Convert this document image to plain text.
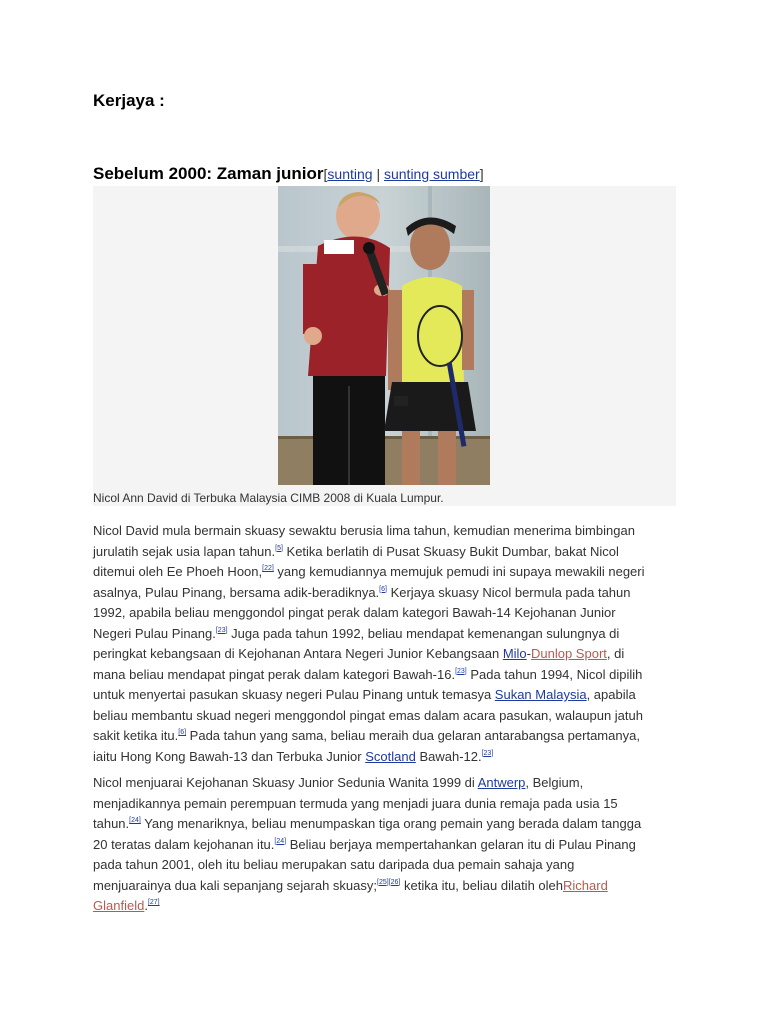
Kerjaya :
Sebelum 2000: Zaman junior[sunting | sunting sumber]
Nicol Ann David di Terbuka Malaysia CIMB 2008 di Kuala Lumpur.
Nicol David mula bermain skuasy sewaktu berusia lima tahun, kemudian menerima bimbingan
jurulatih sejak usia lapan tahun.[5] Ketika berlatih di Pusat Skuasy Bukit Dumbar, bakat Nicol
ditemui oleh Ee Phoeh Hoon,[22] yang kemudiannya memujuk pemudi ini supaya mewakili negeri
asalnya, Pulau Pinang, bersama adik-beradiknya.[6] Kerjaya skuasy Nicol bermula pada tahun
1992, apabila beliau menggondol pingat perak dalam kategori Bawah-14 Kejohanan Junior
Negeri Pulau Pinang.[23] Juga pada tahun 1992, beliau mendapat kemenangan sulungnya di
peringkat kebangsaan di Kejohanan Antara Negeri Junior Kebangsaan Milo-Dunlop Sport, di
mana beliau mendapat pingat perak dalam kategori Bawah-16.[23] Pada tahun 1994, Nicol dipilih
untuk menyertai pasukan skuasy negeri Pulau Pinang untuk temasya Sukan Malaysia, apabila
beliau membantu skuad negeri menggondol pingat emas dalam acara pasukan, walaupun jatuh
sakit ketika itu.[6] Pada tahun yang sama, beliau meraih dua gelaran antarabangsa pertamanya,
iaitu Hong Kong Bawah-13 dan Terbuka Junior Scotland Bawah-12.[23]
Nicol menjuarai Kejohanan Skuasy Junior Sedunia Wanita 1999 di Antwerp, Belgium,
menjadikannya pemain perempuan termuda yang menjadi juara dunia remaja pada usia 15
tahun.[24] Yang menariknya, beliau menumpaskan tiga orang pemain yang berada dalam tangga
20 teratas dalam kejohanan itu.[24] Beliau berjaya mempertahankan gelaran itu di Pulau Pinang
pada tahun 2001, oleh itu beliau merupakan satu daripada dua pemain sahaja yang
menjuarainya dua kali sepanjang sejarah skuasy;[25][26] ketika itu, beliau dilatih olehRichard
Glanfield.[27]
